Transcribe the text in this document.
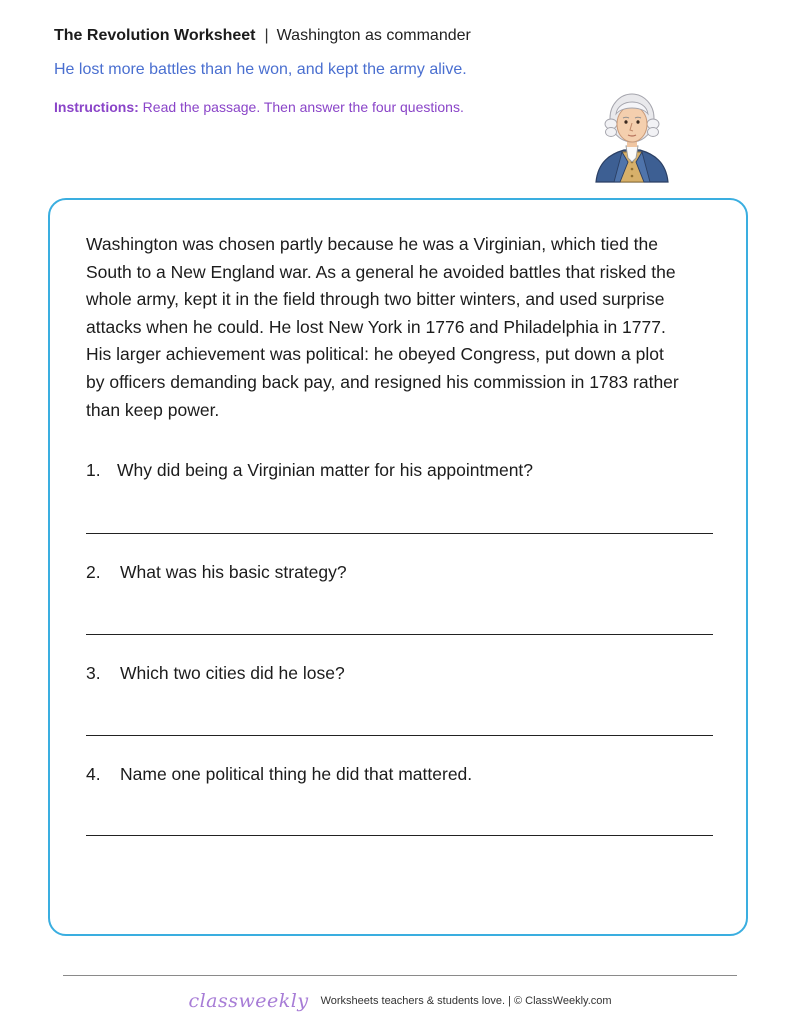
The Revolution Worksheet | Washington as commander
He lost more battles than he won, and kept the army alive.
Instructions: Read the passage. Then answer the four questions.
Washington was chosen partly because he was a Virginian, which tied the
South to a New England war. As a general he avoided battles that risked the
whole army, kept it in the field through two bitter winters, and used surprise
attacks when he could. He lost New York in 1776 and Philadelphia in 1777.
His larger achievement was political: he obeyed Congress, put down a plot
by officers demanding back pay, and resigned his commission in 1783 rather
than keep power.
1. Why did being a Virginian matter for his appointment?
2. What was his basic strategy?
3. Which two cities did he lose?
4. Name one political thing he did that mattered.
classweekly Worksheets teachers & students love. | © ClassWeekly.com
